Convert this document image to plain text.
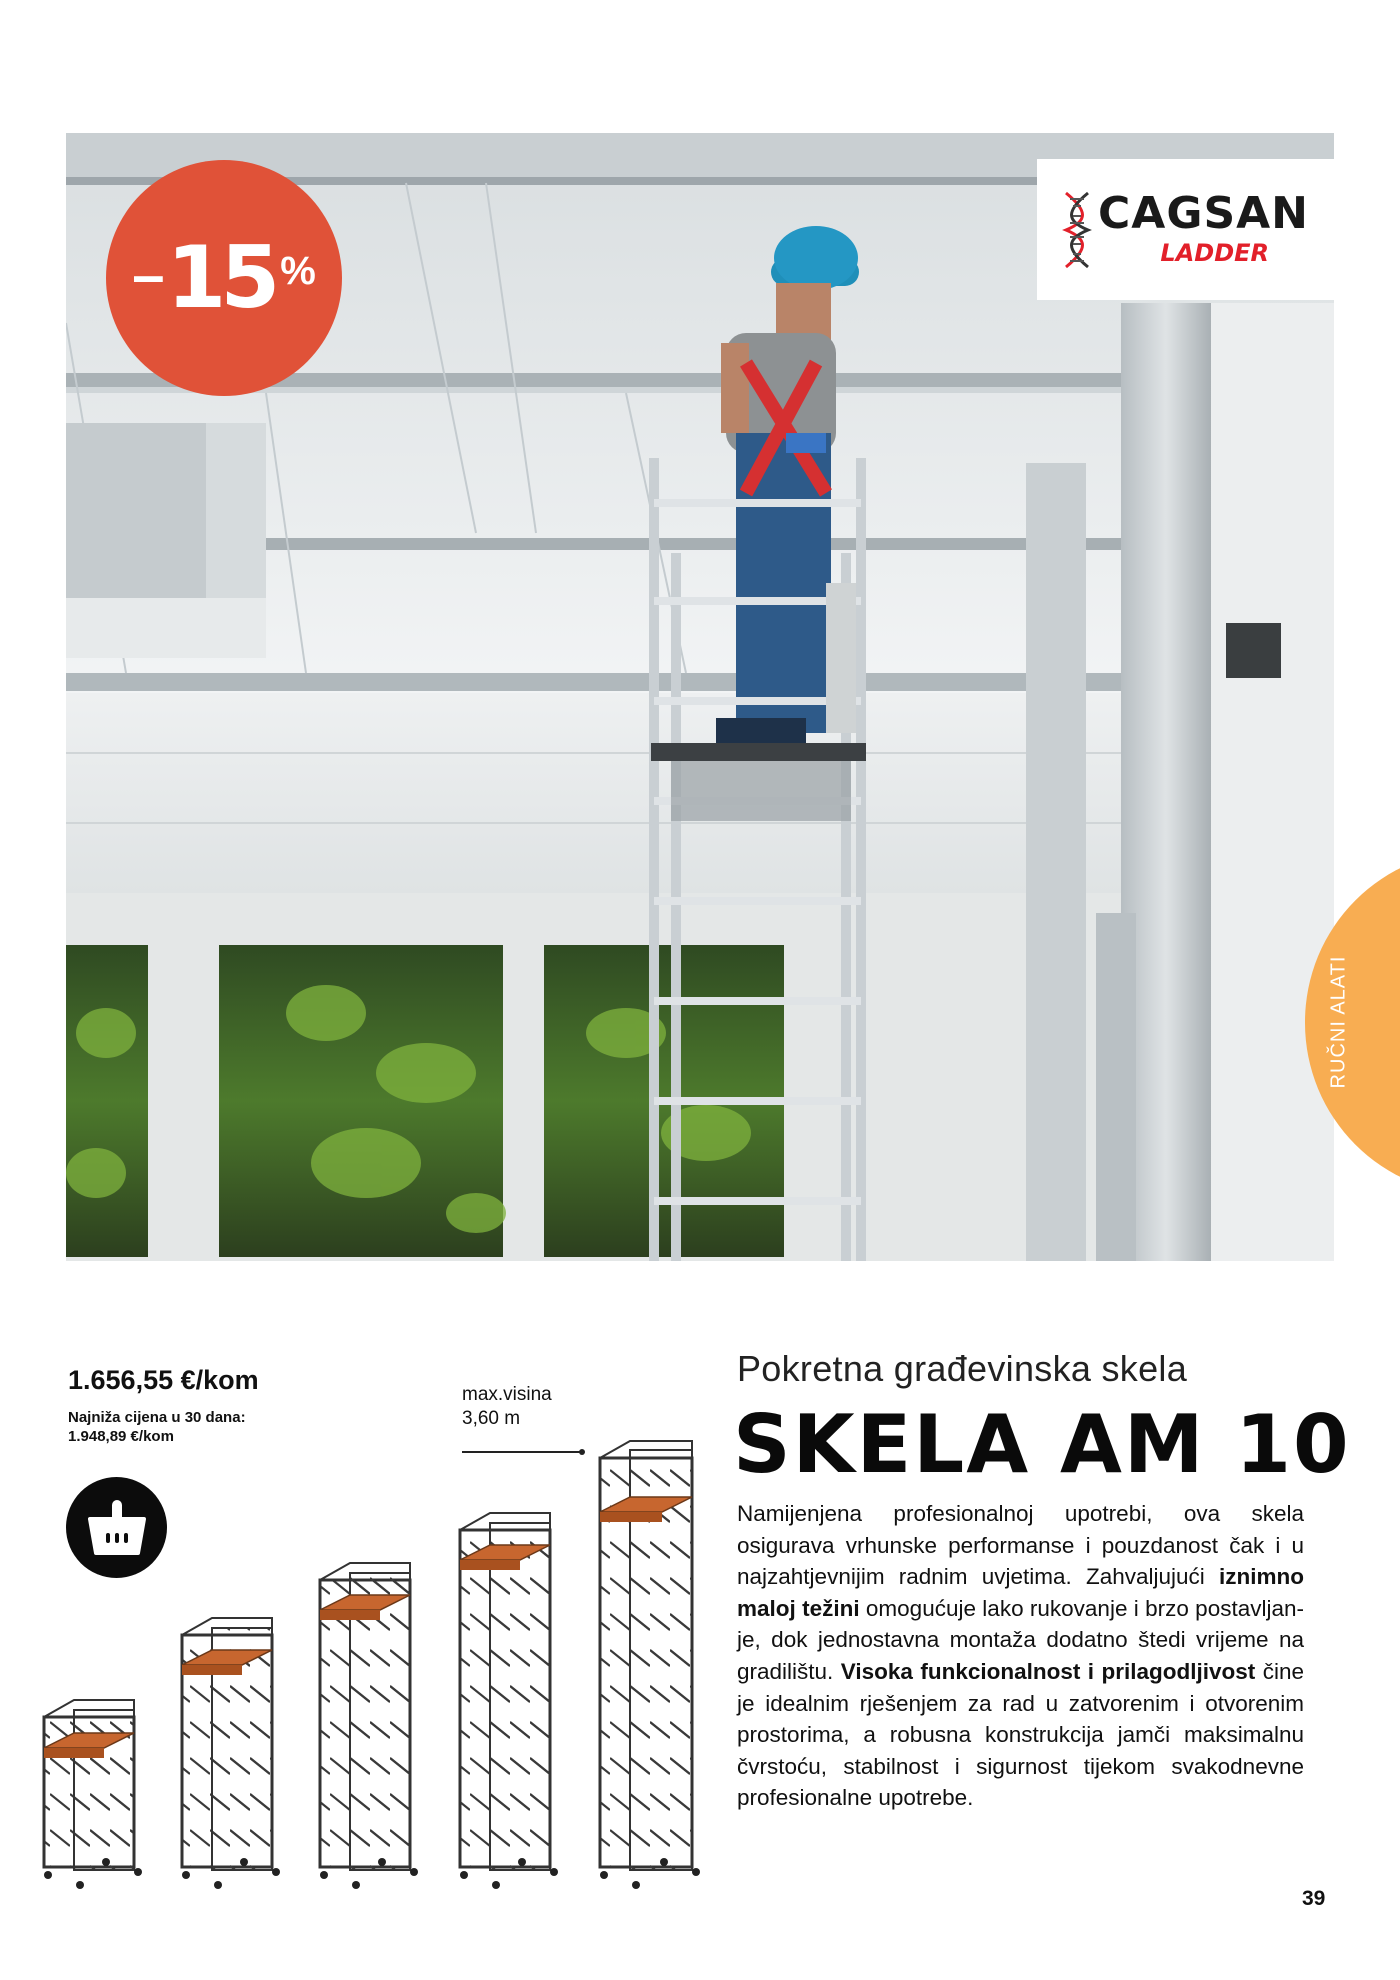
– 15 %
CAGSAN
LADDER
RUČNI ALATI
1.656,55 €/kom
Najniža cijena u 30 dana:
1.948,89 €/kom
max.visina
3,60 m
Pokretna građevinska skela
SKELA AM 10
Namijenjena profesionalnoj upotrebi, ova skela osigurava vrhunske performanse i pouzdanost čak i u najzahtjevnijim radnim uvjetima. Zahvaljujući iznimno maloj težini omogućuje lako rukovanje i brzo postavljanje, dok jednostavna montaža dodatno štedi vrijeme na gradilištu. Visoka funkcionalnost i prilagodljivost čine je idealnim rješenjem za rad u zatvorenim i otvorenim prostorima, a robusna konstrukcija jamči maksimalnu čvrstoću, stabilnost i sigurnost tijekom svakodnevne profesionalne upotrebe.
39
